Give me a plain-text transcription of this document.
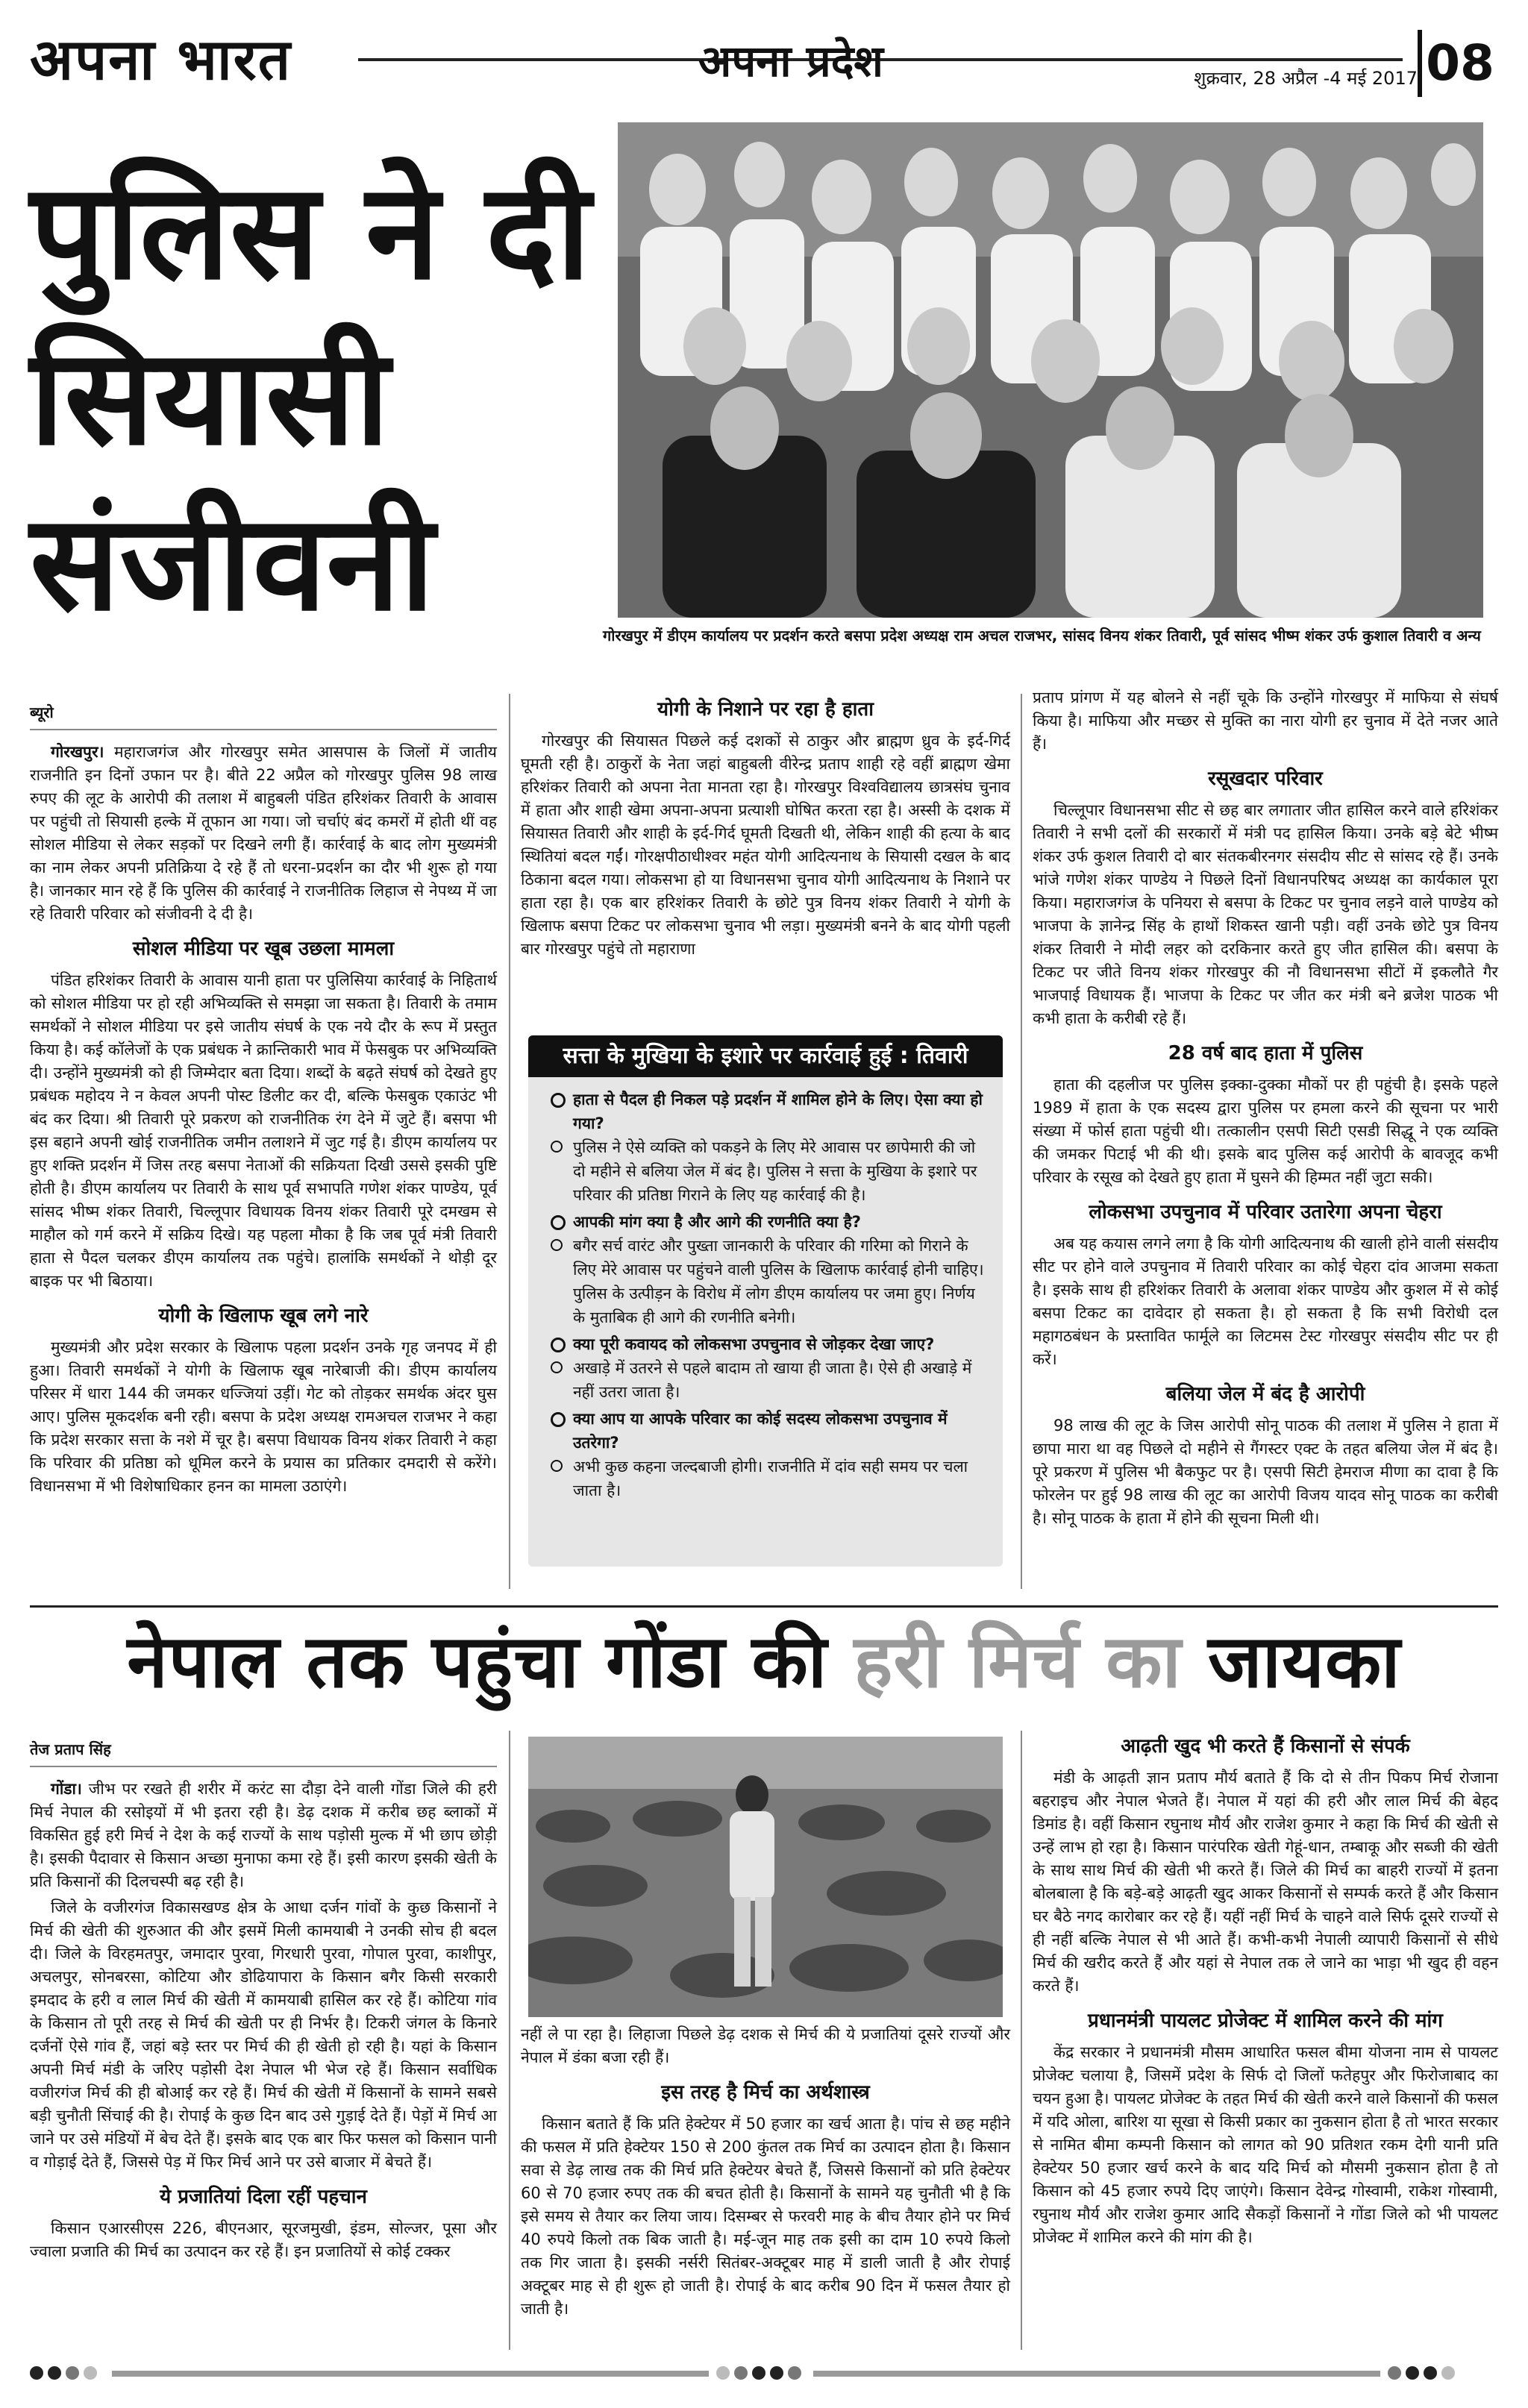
अपना भारत	अपना प्रदेश	शुक्रवार, 28 अप्रैल -4 मई 2017 08
पुलिस ने दी
सियासी
संजीवनी	गोरखपुर में डीएम कार्यालय पर प्रदर्शन करते बसपा प्रदेश अध्यक्ष राम अचल राजभर, सांसद विनय शंकर तिवारी, पूर्व सांसद भीष्म शंकर उर्फ कुशाल तिवारी व अन्य
ब्यूरो

गोरखपुर। महाराजगंज और गोरखपुर समेत आसपास के जिलों में जातीय राजनीति इन दिनों उफान पर है। बीते 22 अप्रैल को गोरखपुर पुलिस 98 लाख रुपए की लूट के आरोपी की तलाश में बाहुबली पंडित हरिशंकर तिवारी के आवास पर पहुंची तो सियासी हल्के में तूफान आ गया। जो चर्चाएं बंद कमरों में होती थीं वह सोशल मीडिया से लेकर सड़कों पर दिखने लगी हैं। कार्रवाई के बाद लोग मुख्यमंत्री का नाम लेकर अपनी प्रतिक्रिया दे रहे हैं तो धरना-प्रदर्शन का दौर भी शुरू हो गया है। जानकार मान रहे हैं कि पुलिस की कार्रवाई ने राजनीतिक लिहाज से नेपथ्य में जा रहे तिवारी परिवार को संजीवनी दे दी है।

सोशल मीडिया पर खूब उछला मामला

पंडित हरिशंकर तिवारी के आवास यानी हाता पर पुलिसिया कार्रवाई के निहितार्थ को सोशल मीडिया पर हो रही अभिव्यक्ति से समझा जा सकता है। तिवारी के तमाम समर्थकों ने सोशल मीडिया पर इसे जातीय संघर्ष के एक नये दौर के रूप में प्रस्तुत किया है। कई कॉलेजों के एक प्रबंधक ने क्रान्तिकारी भाव में फेसबुक पर अभिव्यक्ति दी। उन्होंने मुख्यमंत्री को ही जिम्मेदार बता दिया। शब्दों के बढ़ते संघर्ष को देखते हुए प्रबंधक महोदय ने न केवल अपनी पोस्ट डिलीट कर दी, बल्कि फेसबुक एकाउंट भी बंद कर दिया। श्री तिवारी पूरे प्रकरण को राजनीतिक रंग देने में जुटे हैं। बसपा भी इस बहाने अपनी खोई राजनीतिक जमीन तलाशने में जुट गई है। डीएम कार्यालय पर हुए शक्ति प्रदर्शन में जिस तरह बसपा नेताओं की सक्रियता दिखी उससे इसकी पुष्टि होती है। डीएम कार्यालय पर तिवारी के साथ पूर्व सभापति गणेश शंकर पाण्डेय, पूर्व सांसद भीष्म शंकर तिवारी, चिल्लूपार विधायक विनय शंकर तिवारी पूरे दमखम से माहौल को गर्म करने में सक्रिय दिखे। यह पहला मौका है कि जब पूर्व मंत्री तिवारी हाता से पैदल चलकर डीएम कार्यालय तक पहुंचे। हालांकि समर्थकों ने थोड़ी दूर बाइक पर भी बिठाया।

योगी के खिलाफ खूब लगे नारे

मुख्यमंत्री और प्रदेश सरकार के खिलाफ पहला प्रदर्शन उनके गृह जनपद में ही हुआ। तिवारी समर्थकों ने योगी के खिलाफ खूब नारेबाजी की। डीएम कार्यालय परिसर में धारा 144 की जमकर धज्जियां उड़ीं। गेट को तोड़कर समर्थक अंदर घुस आए। पुलिस मूकदर्शक बनी रही। बसपा के प्रदेश अध्यक्ष रामअचल राजभर ने कहा कि प्रदेश सरकार सत्ता के नशे में चूर है। बसपा विधायक विनय शंकर तिवारी ने कहा कि परिवार की प्रतिष्ठा को धूमिल करने के प्रयास का प्रतिकार दमदारी से करेंगे। विधानसभा में भी विशेषाधिकार हनन का मामला उठाएंगे।

योगी के निशाने पर रहा है हाता

गोरखपुर की सियासत पिछले कई दशकों से ठाकुर और ब्राह्मण ध्रुव के इर्द-गिर्द घूमती रही है। ठाकुरों के नेता जहां बाहुबली वीरेन्द्र प्रताप शाही रहे वहीं ब्राह्मण खेमा हरिशंकर तिवारी को अपना नेता मानता रहा है। गोरखपुर विश्वविद्यालय छात्रसंघ चुनाव में हाता और शाही खेमा अपना-अपना प्रत्याशी घोषित करता रहा है। अस्सी के दशक में सियासत तिवारी और शाही के इर्द-गिर्द घूमती दिखती थी, लेकिन शाही की हत्या के बाद स्थितियां बदल गईं। गोरक्षपीठाधीश्वर महंत योगी आदित्यनाथ के सियासी दखल के बाद ठिकाना बदल गया। लोकसभा हो या विधानसभा चुनाव योगी आदित्यनाथ के निशाने पर हाता रहा है। एक बार हरिशंकर तिवारी के छोटे पुत्र विनय शंकर तिवारी ने योगी के खिलाफ बसपा टिकट पर लोकसभा चुनाव भी लड़ा। मुख्यमंत्री बनने के बाद योगी पहली बार गोरखपुर पहुंचे तो महाराणा

सत्ता के मुखिया के इशारे पर कार्रवाई हुई : तिवारी
हाता से पैदल ही निकल पड़े प्रदर्शन में शामिल होने के लिए। ऐसा क्या हो गया?
पुलिस ने ऐसे व्यक्ति को पकड़ने के लिए मेरे आवास पर छापेमारी की जो दो महीने से बलिया जेल में बंद है। पुलिस ने सत्ता के मुखिया के इशारे पर परिवार की प्रतिष्ठा गिराने के लिए यह कार्रवाई की है।
आपकी मांग क्या है और आगे की रणनीति क्या है?
बगैर सर्च वारंट और पुख्ता जानकारी के परिवार की गरिमा को गिराने के लिए मेरे आवास पर पहुंचने वाली पुलिस के खिलाफ कार्रवाई होनी चाहिए। पुलिस के उत्पीड़न के विरोध में लोग डीएम कार्यालय पर जमा हुए। निर्णय के मुताबिक ही आगे की रणनीति बनेगी।
क्या पूरी कवायद को लोकसभा उपचुनाव से जोड़कर देखा जाए?
अखाड़े में उतरने से पहले बादाम तो खाया ही जाता है। ऐसे ही अखाड़े में नहीं उतरा जाता है।
क्या आप या आपके परिवार का कोई सदस्य लोकसभा उपचुनाव में उतरेगा?
अभी कुछ कहना जल्दबाजी होगी। राजनीति में दांव सही समय पर चला जाता है।

प्रताप प्रांगण में यह बोलने से नहीं चूके कि उन्होंने गोरखपुर में माफिया से संघर्ष किया है। माफिया और मच्छर से मुक्ति का नारा योगी हर चुनाव में देते नजर आते हैं।

रसूखदार परिवार

चिल्लूपार विधानसभा सीट से छह बार लगातार जीत हासिल करने वाले हरिशंकर तिवारी ने सभी दलों की सरकारों में मंत्री पद हासिल किया। उनके बड़े बेटे भीष्म शंकर उर्फ कुशल तिवारी दो बार संतकबीरनगर संसदीय सीट से सांसद रहे हैं। उनके भांजे गणेश शंकर पाण्डेय ने पिछले दिनों विधानपरिषद अध्यक्ष का कार्यकाल पूरा किया। महाराजगंज के पनियरा से बसपा के टिकट पर चुनाव लड़ने वाले पाण्डेय को भाजपा के ज्ञानेन्द्र सिंह के हाथों शिकस्त खानी पड़ी। वहीं उनके छोटे पुत्र विनय शंकर तिवारी ने मोदी लहर को दरकिनार करते हुए जीत हासिल की। बसपा के टिकट पर जीते विनय शंकर गोरखपुर की नौ विधानसभा सीटों में इकलौते गैर भाजपाई विधायक हैं। भाजपा के टिकट पर जीत कर मंत्री बने ब्रजेश पाठक भी कभी हाता के करीबी रहे हैं।

28 वर्ष बाद हाता में पुलिस

हाता की दहलीज पर पुलिस इक्का-दुक्का मौकों पर ही पहुंची है। इसके पहले 1989 में हाता के एक सदस्य द्वारा पुलिस पर हमला करने की सूचना पर भारी संख्या में फोर्स हाता पहुंची थी। तत्कालीन एसपी सिटी एसडी सिद्धू ने एक व्यक्ति की जमकर पिटाई भी की थी। इसके बाद पुलिस कई आरोपी के बावजूद कभी परिवार के रसूख को देखते हुए हाता में घुसने की हिम्मत नहीं जुटा सकी।

लोकसभा उपचुनाव में परिवार उतारेगा अपना चेहरा

अब यह कयास लगने लगा है कि योगी आदित्यनाथ की खाली होने वाली संसदीय सीट पर होने वाले उपचुनाव में तिवारी परिवार का कोई चेहरा दांव आजमा सकता है। इसके साथ ही हरिशंकर तिवारी के अलावा शंकर पाण्डेय और कुशल में से कोई बसपा टिकट का दावेदार हो सकता है। हो सकता है कि सभी विरोधी दल महागठबंधन के प्रस्तावित फार्मूले का लिटमस टेस्ट गोरखपुर संसदीय सीट पर ही करें।

बलिया जेल में बंद है आरोपी

98 लाख की लूट के जिस आरोपी सोनू पाठक की तलाश में पुलिस ने हाता में छापा मारा था वह पिछले दो महीने से गैंगस्टर एक्ट के तहत बलिया जेल में बंद है। पूरे प्रकरण में पुलिस भी बैकफुट पर है। एसपी सिटी हेमराज मीणा का दावा है कि फोरलेन पर हुई 98 लाख की लूट का आरोपी विजय यादव सोनू पाठक का करीबी है। सोनू पाठक के हाता में होने की सूचना मिली थी।

नेपाल तक पहुंचा गोंडा की हरी मिर्च का जायका
तेज प्रताप सिंह

गोंडा। जीभ पर रखते ही शरीर में करंट सा दौड़ा देने वाली गोंडा जिले की हरी मिर्च नेपाल की रसोइयों में भी इतरा रही है। डेढ़ दशक में करीब छह ब्लाकों में विकसित हुई हरी मिर्च ने देश के कई राज्यों के साथ पड़ोसी मुल्क में भी छाप छोड़ी है। इसकी पैदावार से किसान अच्छा मुनाफा कमा रहे हैं। इसी कारण इसकी खेती के प्रति किसानों की दिलचस्पी बढ़ रही है।

जिले के वजीरगंज विकासखण्ड क्षेत्र के आधा दर्जन गांवों के कुछ किसानों ने मिर्च की खेती की शुरुआत की और इसमें मिली कामयाबी ने उनकी सोच ही बदल दी। जिले के विरहमतपुर, जमादार पुरवा, गिरधारी पुरवा, गोपाल पुरवा, काशीपुर, अचलपुर, सोनबरसा, कोटिया और डोढियापारा के किसान बगैर किसी सरकारी इमदाद के हरी व लाल मिर्च की खेती में कामयाबी हासिल कर रहे हैं। कोटिया गांव के किसान तो पूरी तरह से मिर्च की खेती पर ही निर्भर है। टिकरी जंगल के किनारे दर्जनों ऐसे गांव हैं, जहां बड़े स्तर पर मिर्च की ही खेती हो रही है। यहां के किसान अपनी मिर्च मंडी के जरिए पड़ोसी देश नेपाल भी भेज रहे हैं। किसान सर्वाधिक वजीरगंज मिर्च की ही बोआई कर रहे हैं। मिर्च की खेती में किसानों के सामने सबसे बड़ी चुनौती सिंचाई की है। रोपाई के कुछ दिन बाद उसे गुड़ाई देते हैं। पेड़ों में मिर्च आ जाने पर उसे मंडियों में बेच देते हैं। इसके बाद एक बार फिर फसल को किसान पानी व गोड़ाई देते हैं, जिससे पेड़ में फिर मिर्च आने पर उसे बाजार में बेचते हैं।

ये प्रजातियां दिला रहीं पहचान

किसान एआरसीएस 226, बीएनआर, सूरजमुखी, इंडम, सोल्जर, पूसा और ज्वाला प्रजाति की मिर्च का उत्पादन कर रहे हैं। इन प्रजातियों से कोई टक्कर

नहीं ले पा रहा है। लिहाजा पिछले डेढ़ दशक से मिर्च की ये प्रजातियां दूसरे राज्यों और नेपाल में डंका बजा रही हैं।

इस तरह है मिर्च का अर्थशास्त्र

किसान बताते हैं कि प्रति हेक्टेयर में 50 हजार का खर्च आता है। पांच से छह महीने की फसल में प्रति हेक्टेयर 150 से 200 कुंतल तक मिर्च का उत्पादन होता है। किसान सवा से डेढ़ लाख तक की मिर्च प्रति हेक्टेयर बेचते हैं, जिससे किसानों को प्रति हेक्टेयर 60 से 70 हजार रुपए तक की बचत होती है। किसानों के सामने यह चुनौती भी है कि इसे समय से तैयार कर लिया जाय। दिसम्बर से फरवरी माह के बीच तैयार होने पर मिर्च 40 रुपये किलो तक बिक जाती है। मई-जून माह तक इसी का दाम 10 रुपये किलो तक गिर जाता है। इसकी नर्सरी सितंबर-अक्टूबर माह में डाली जाती है और रोपाई अक्टूबर माह से ही शुरू हो जाती है। रोपाई के बाद करीब 90 दिन में फसल तैयार हो जाती है।

आढ़ती खुद भी करते हैं किसानों से संपर्क

मंडी के आढ़ती ज्ञान प्रताप मौर्य बताते हैं कि दो से तीन पिकप मिर्च रोजाना बहराइच और नेपाल भेजते हैं। नेपाल में यहां की हरी और लाल मिर्च की बेहद डिमांड है। वहीं किसान रघुनाथ मौर्य और राजेश कुमार ने कहा कि मिर्च की खेती से उन्हें लाभ हो रहा है। किसान पारंपरिक खेती गेहूं-धान, तम्बाकू और सब्जी की खेती के साथ साथ मिर्च की खेती भी करते हैं। जिले की मिर्च का बाहरी राज्यों में इतना बोलबाला है कि बड़े-बड़े आढ़ती खुद आकर किसानों से सम्पर्क करते हैं और किसान घर बैठे नगद कारोबार कर रहे हैं। यहीं नहीं मिर्च के चाहने वाले सिर्फ दूसरे राज्यों से ही नहीं बल्कि नेपाल से भी आते हैं। कभी-कभी नेपाली व्यापारी किसानों से सीधे मिर्च की खरीद करते हैं और यहां से नेपाल तक ले जाने का भाड़ा भी खुद ही वहन करते हैं।

प्रधानमंत्री पायलट प्रोजेक्ट में शामिल करने की मांग

केंद्र सरकार ने प्रधानमंत्री मौसम आधारित फसल बीमा योजना नाम से पायलट प्रोजेक्ट चलाया है, जिसमें प्रदेश के सिर्फ दो जिलों फतेहपुर और फिरोजाबाद का चयन हुआ है। पायलट प्रोजेक्ट के तहत मिर्च की खेती करने वाले किसानों की फसल में यदि ओला, बारिश या सूखा से किसी प्रकार का नुकसान होता है तो भारत सरकार से नामित बीमा कम्पनी किसान को लागत को 90 प्रतिशत रकम देगी यानी प्रति हेक्टेयर 50 हजार खर्च करने के बाद यदि मिर्च को मौसमी नुकसान होता है तो किसान को 45 हजार रुपये दिए जाएंगे। किसान देवेन्द्र गोस्वामी, राकेश गोस्वामी, रघुनाथ मौर्य और राजेश कुमार आदि सैकड़ों किसानों ने गोंडा जिले को भी पायलट प्रोजेक्ट में शामिल करने की मांग की है।
